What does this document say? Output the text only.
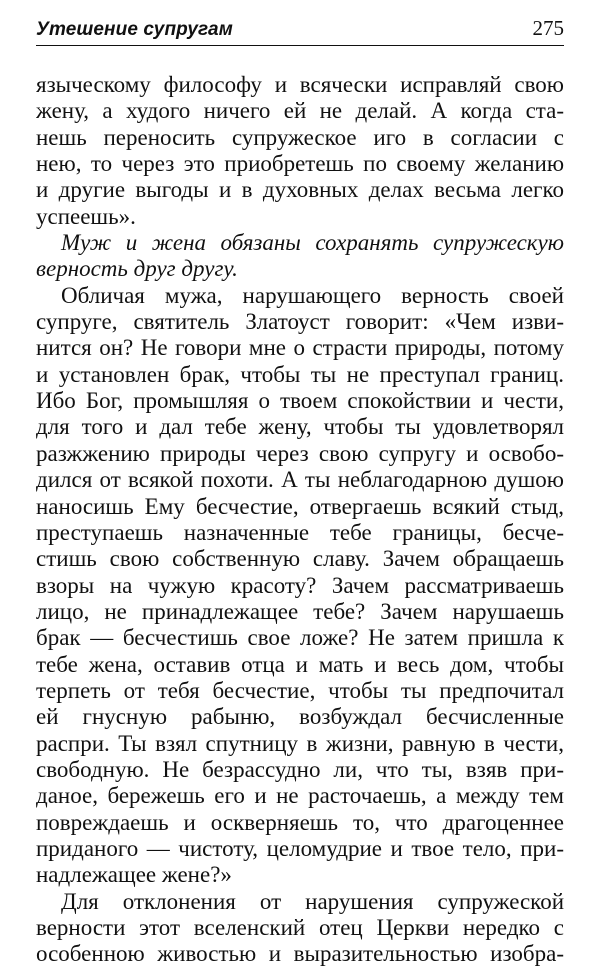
Утешение супругам	275
языческому философу и всячески исправляй свою
жену, а худого ничего ей не делай. А когда ста-
нешь переносить супружеское иго в согласии с
нею, то через это приобретешь по своему желанию
и другие выгоды и в духовных делах весьма легко
успеешь».
Муж и жена обязаны сохранять супружескую
верность друг другу.
Обличая мужа, нарушающего верность своей
супруге, святитель Златоуст говорит: «Чем изви-
нится он? Не говори мне о страсти природы, потому
и установлен брак, чтобы ты не преступал границ.
Ибо Бог, промышляя о твоем спокойствии и чести,
для того и дал тебе жену, чтобы ты удовлетворял
разжжению природы через свою супругу и освобо-
дился от всякой похоти. А ты неблагодарною душою
наносишь Ему бесчестие, отвергаешь всякий стыд,
преступаешь назначенные тебе границы, бесче-
стишь свою собственную славу. Зачем обращаешь
взоры на чужую красоту? Зачем рассматриваешь
лицо, не принадлежащее тебе? Зачем нарушаешь
брак — бесчестишь свое ложе? Не затем пришла к
тебе жена, оставив отца и мать и весь дом, чтобы
терпеть от тебя бесчестие, чтобы ты предпочитал
ей гнусную рабыню, возбуждал бесчисленные
распри. Ты взял спутницу в жизни, равную в чести,
свободную. Не безрассудно ли, что ты, взяв при-
даное, бережешь его и не расточаешь, а между тем
повреждаешь и оскверняешь то, что драгоценнее
приданого — чистоту, целомудрие и твое тело, при-
надлежащее жене?»
Для отклонения от нарушения супружеской
верности этот вселенский отец Церкви нередко с
особенною живостью и выразительностью изобра-
